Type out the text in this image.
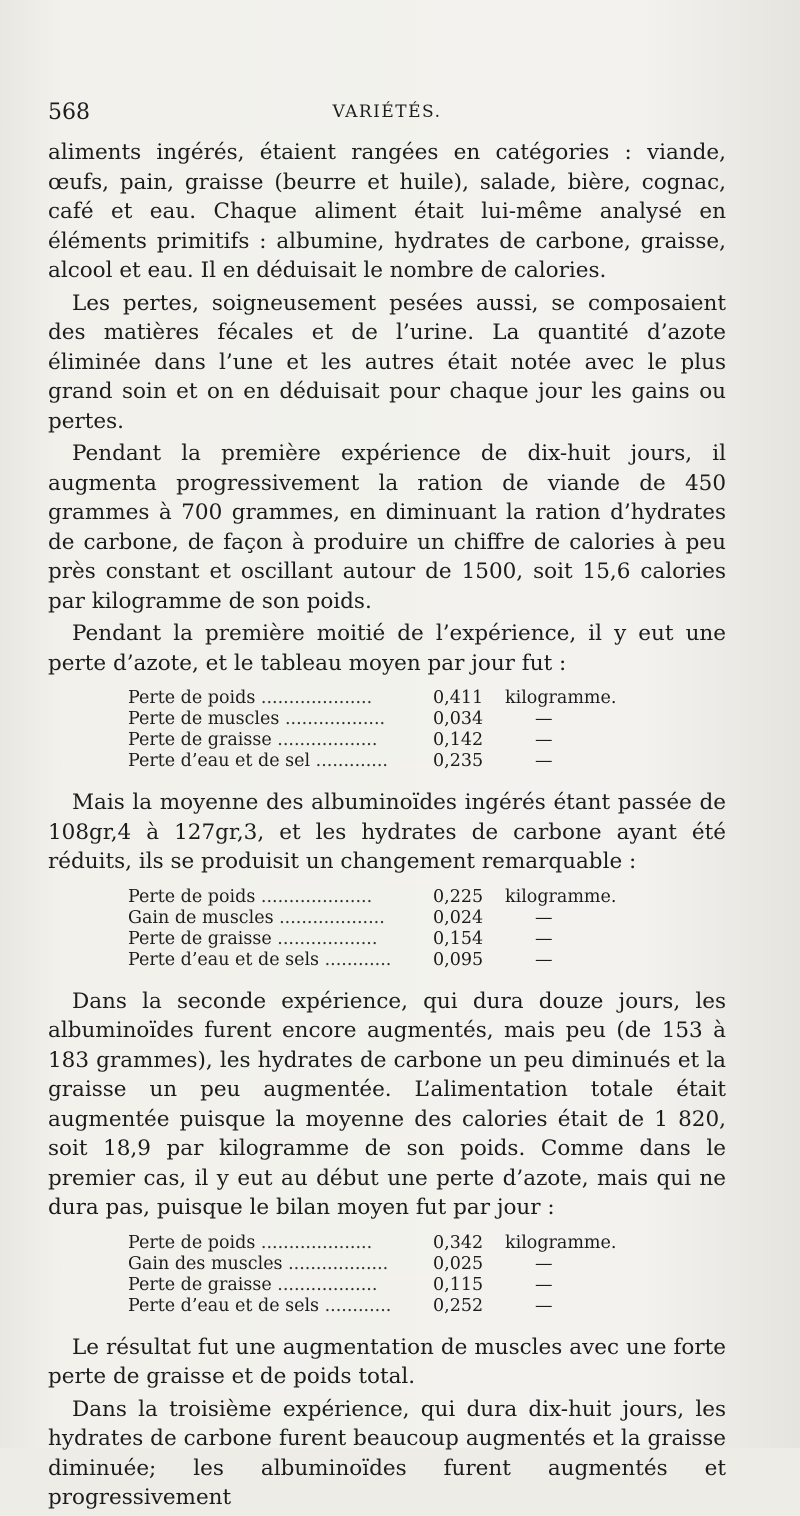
568	VARIÉTÉS.

aliments ingérés, étaient rangées en catégories : viande, œufs, pain, graisse (beurre et huile), salade, bière, cognac, café et eau. Chaque aliment était lui-même analysé en éléments primitifs : albumine, hydrates de carbone, graisse, alcool et eau. Il en déduisait le nombre de calories.

Les pertes, soigneusement pesées aussi, se composaient des matières fécales et de l’urine. La quantité d’azote éliminée dans l’une et les autres était notée avec le plus grand soin et on en déduisait pour chaque jour les gains ou pertes.

Pendant la première expérience de dix-huit jours, il augmenta progressivement la ration de viande de 450 grammes à 700 grammes, en diminuant la ration d’hydrates de carbone, de façon à produire un chiffre de calories à peu près constant et oscillant autour de 1500, soit 15,6 calories par kilogramme de son poids.

Pendant la première moitié de l’expérience, il y eut une perte d’azote, et le tableau moyen par jour fut :

Perte de poids ....................	0,411	kilogramme.
Perte de muscles ..................	0,034	—
Perte de graisse ..................	0,142	—
Perte d’eau et de sel .............	0,235	—

Mais la moyenne des albuminoïdes ingérés étant passée de 108gr,4 à 127gr,3, et les hydrates de carbone ayant été réduits, ils se produisit un changement remarquable :

Perte de poids ....................	0,225	kilogramme.
Gain de muscles ...................	0,024	—
Perte de graisse ..................	0,154	—
Perte d’eau et de sels ............	0,095	—

Dans la seconde expérience, qui dura douze jours, les albuminoïdes furent encore augmentés, mais peu (de 153 à 183 grammes), les hydrates de carbone un peu diminués et la graisse un peu augmentée. L’alimentation totale était augmentée puisque la moyenne des calories était de 1 820, soit 18,9 par kilogramme de son poids. Comme dans le premier cas, il y eut au début une perte d’azote, mais qui ne dura pas, puisque le bilan moyen fut par jour :

Perte de poids ....................	0,342	kilogramme.
Gain des muscles ..................	0,025	—
Perte de graisse ..................	0,115	—
Perte d’eau et de sels ............	0,252	—

Le résultat fut une augmentation de muscles avec une forte perte de graisse et de poids total.

Dans la troisième expérience, qui dura dix-huit jours, les hydrates de carbone furent beaucoup augmentés et la graisse diminuée; les albuminoïdes furent augmentés et progressivement
